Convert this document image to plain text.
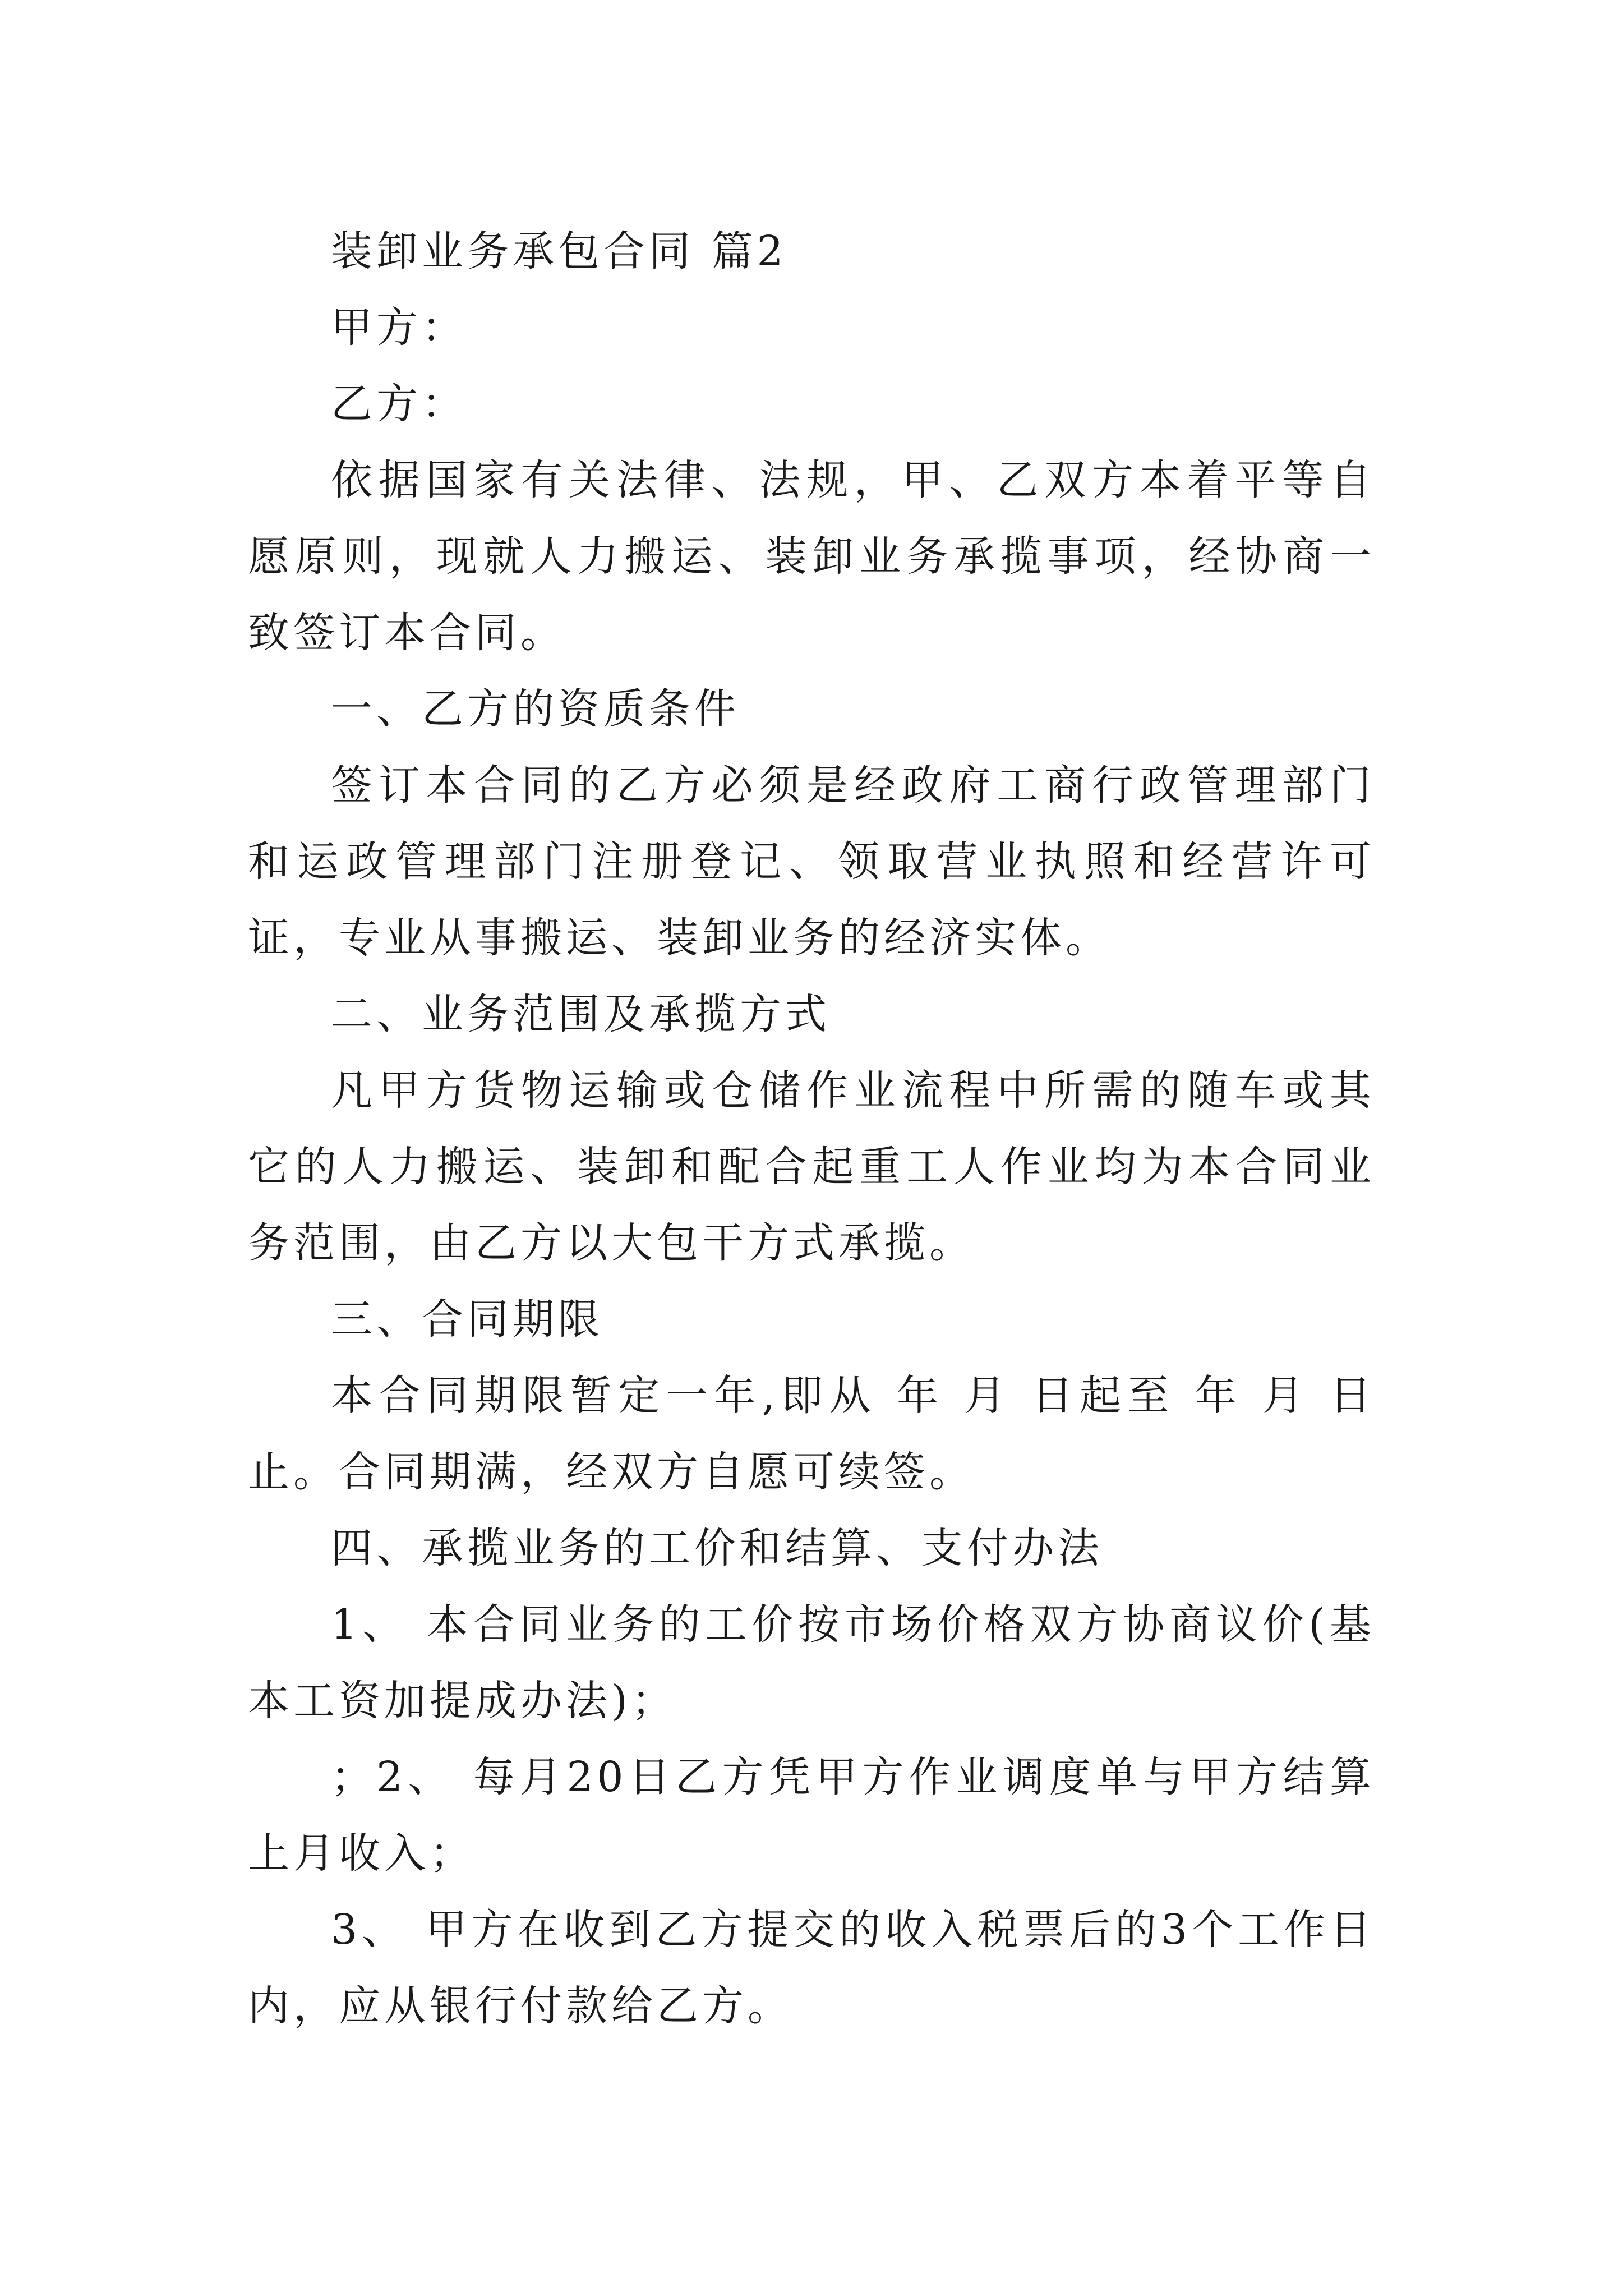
装卸业务承包合同 篇2

甲方：

乙方：

依据国家有关法律、法规，甲、乙双方本着平等自愿原则，现就人力搬运、装卸业务承揽事项，经协商一致签订本合同。

一、乙方的资质条件

签订本合同的乙方必须是经政府工商行政管理部门和运政管理部门注册登记、领取营业执照和经营许可证，专业从事搬运、装卸业务的经济实体。

二、业务范围及承揽方式

凡甲方货物运输或仓储作业流程中所需的随车或其它的人力搬运、装卸和配合起重工人作业均为本合同业务范围，由乙方以大包干方式承揽。

三、合同期限

本合同期限暂定一年,即从 年 月 日起至 年 月 日止。合同期满，经双方自愿可续签。

四、承揽业务的工价和结算、支付办法

1、 本合同业务的工价按市场价格双方协商议价(基本工资加提成办法)；

；2、 每月20日乙方凭甲方作业调度单与甲方结算上月收入；

3、 甲方在收到乙方提交的收入税票后的3个工作日内，应从银行付款给乙方。
